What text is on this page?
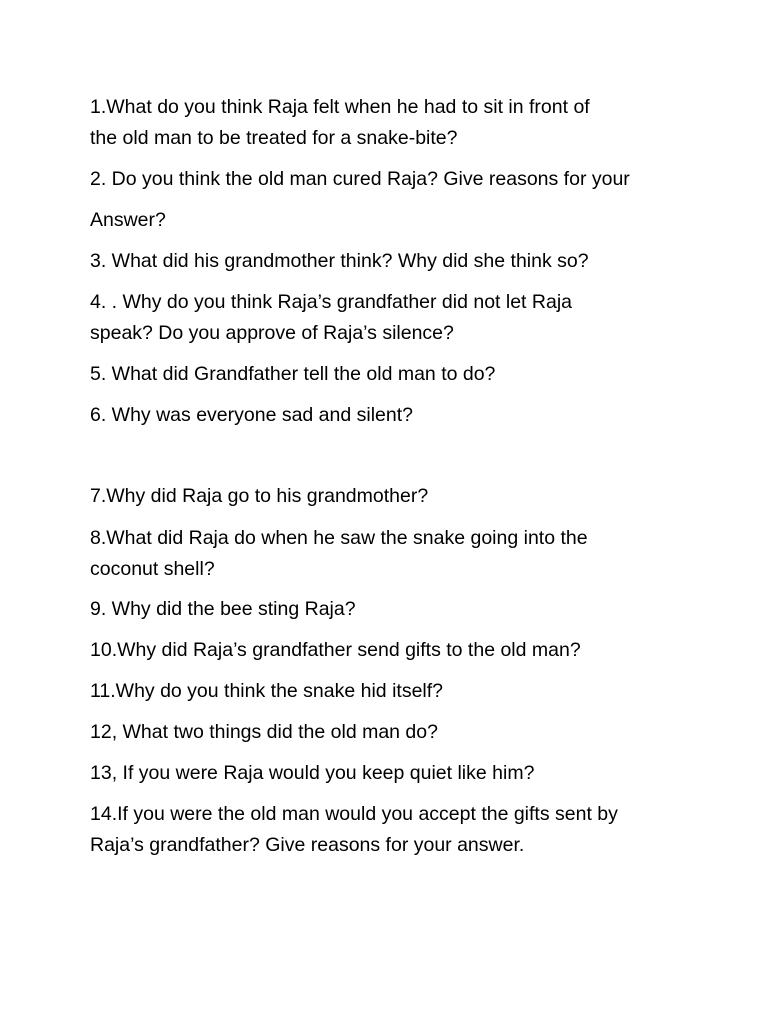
1.What do you think Raja felt when he had to sit in front of
the old man to be treated for a snake-bite?

2. Do you think the old man cured Raja? Give reasons for your

Answer?

3. What did his grandmother think? Why did she think so?

4. . Why do you think Raja’s grandfather did not let Raja
speak? Do you approve of Raja’s silence?

5. What did Grandfather tell the old man to do?

6. Why was everyone sad and silent?

7.Why did Raja go to his grandmother?

8.What did Raja do when he saw the snake going into the
coconut shell?

9. Why did the bee sting Raja?

10.Why did Raja’s grandfather send gifts to the old man?

11.Why do you think the snake hid itself?

12, What two things did the old man do?

13, If you were Raja would you keep quiet like him?

14.If you were the old man would you accept the gifts sent by
Raja’s grandfather? Give reasons for your answer.
